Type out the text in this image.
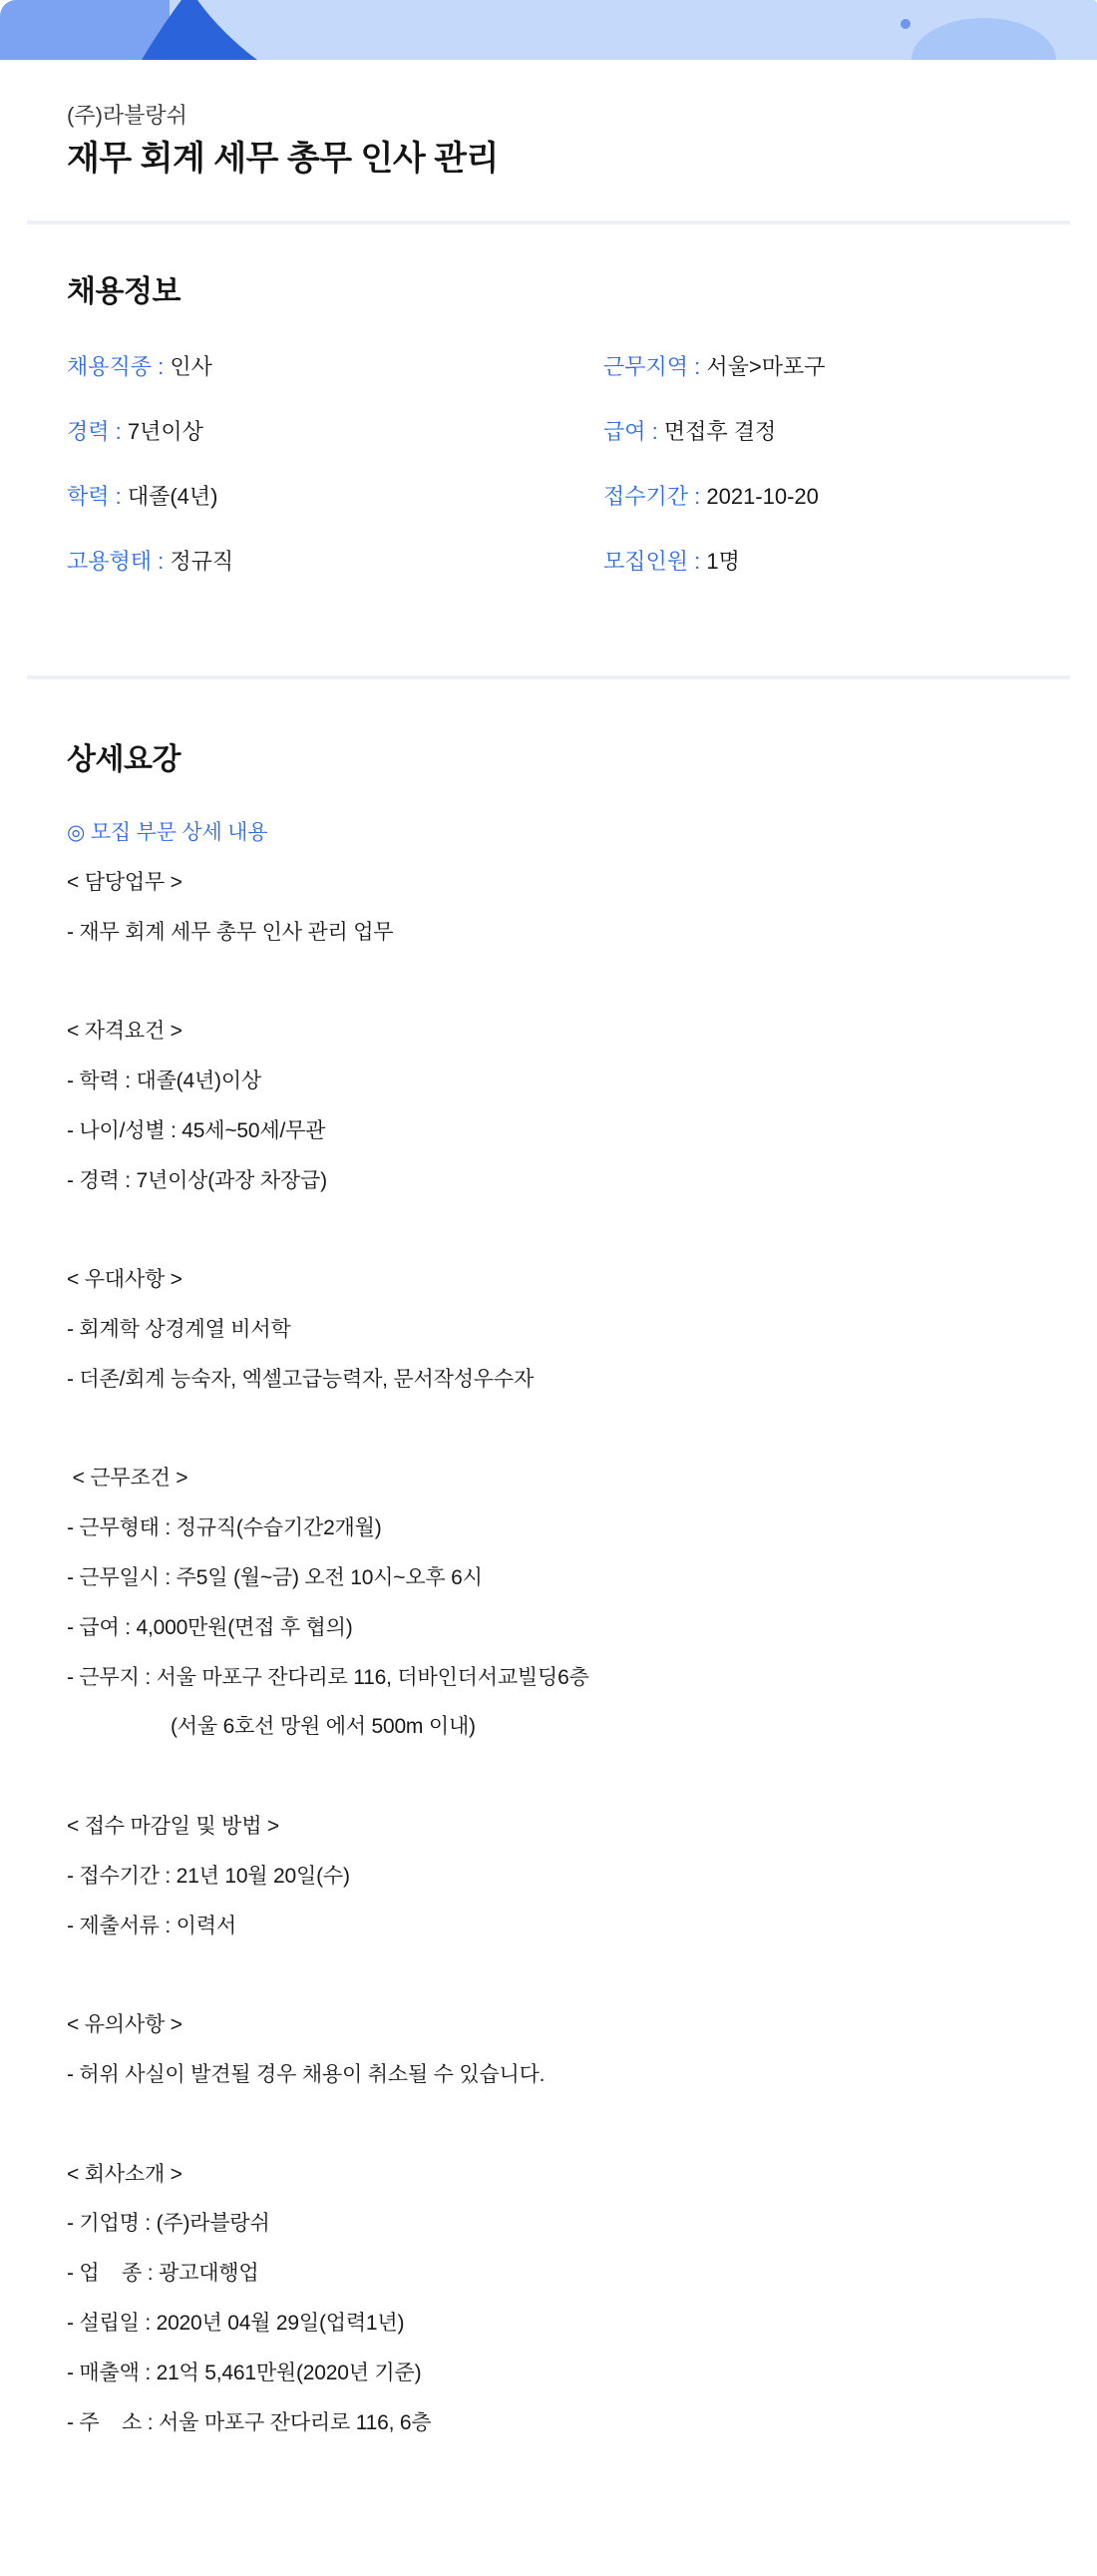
(주)라블랑쉬
재무 회계 세무 총무 인사 관리
채용정보
채용직종 : 인사	근무지역 : 서울>마포구
경력 : 7년이상	급여 : 면접후 결정
학력 : 대졸(4년)	접수기간 : 2021-10-20
고용형태 : 정규직	모집인원 : 1명
상세요강
◎ 모집 부문 상세 내용
< 담당업무 >
- 재무 회계 세무 총무 인사 관리 업무

< 자격요건 >
- 학력 : 대졸(4년)이상
- 나이/성별 : 45세~50세/무관
- 경력 : 7년이상(과장 차장급)

< 우대사항 >
- 회계학 상경계열 비서학
- 더존/회계 능숙자, 엑셀고급능력자, 문서작성우수자

< 근무조건 >
- 근무형태 : 정규직(수습기간2개월)
- 근무일시 : 주5일 (월~금) 오전 10시~오후 6시
- 급여 : 4,000만원(면접 후 협의)
- 근무지 : 서울 마포구 잔다리로 116, 더바인더서교빌딩6층
(서울 6호선 망원 에서 500m 이내)

< 접수 마감일 및 방법 >
- 접수기간 : 21년 10월 20일(수)
- 제출서류 : 이력서

< 유의사항 >
- 허위 사실이 발견될 경우 채용이 취소될 수 있습니다.

< 회사소개 >
- 기업명 : (주)라블랑쉬
- 업    종 : 광고대행업
- 설립일 : 2020년 04월 29일(업력1년)
- 매출액 : 21억 5,461만원(2020년 기준)
- 주    소 : 서울 마포구 잔다리로 116, 6층
